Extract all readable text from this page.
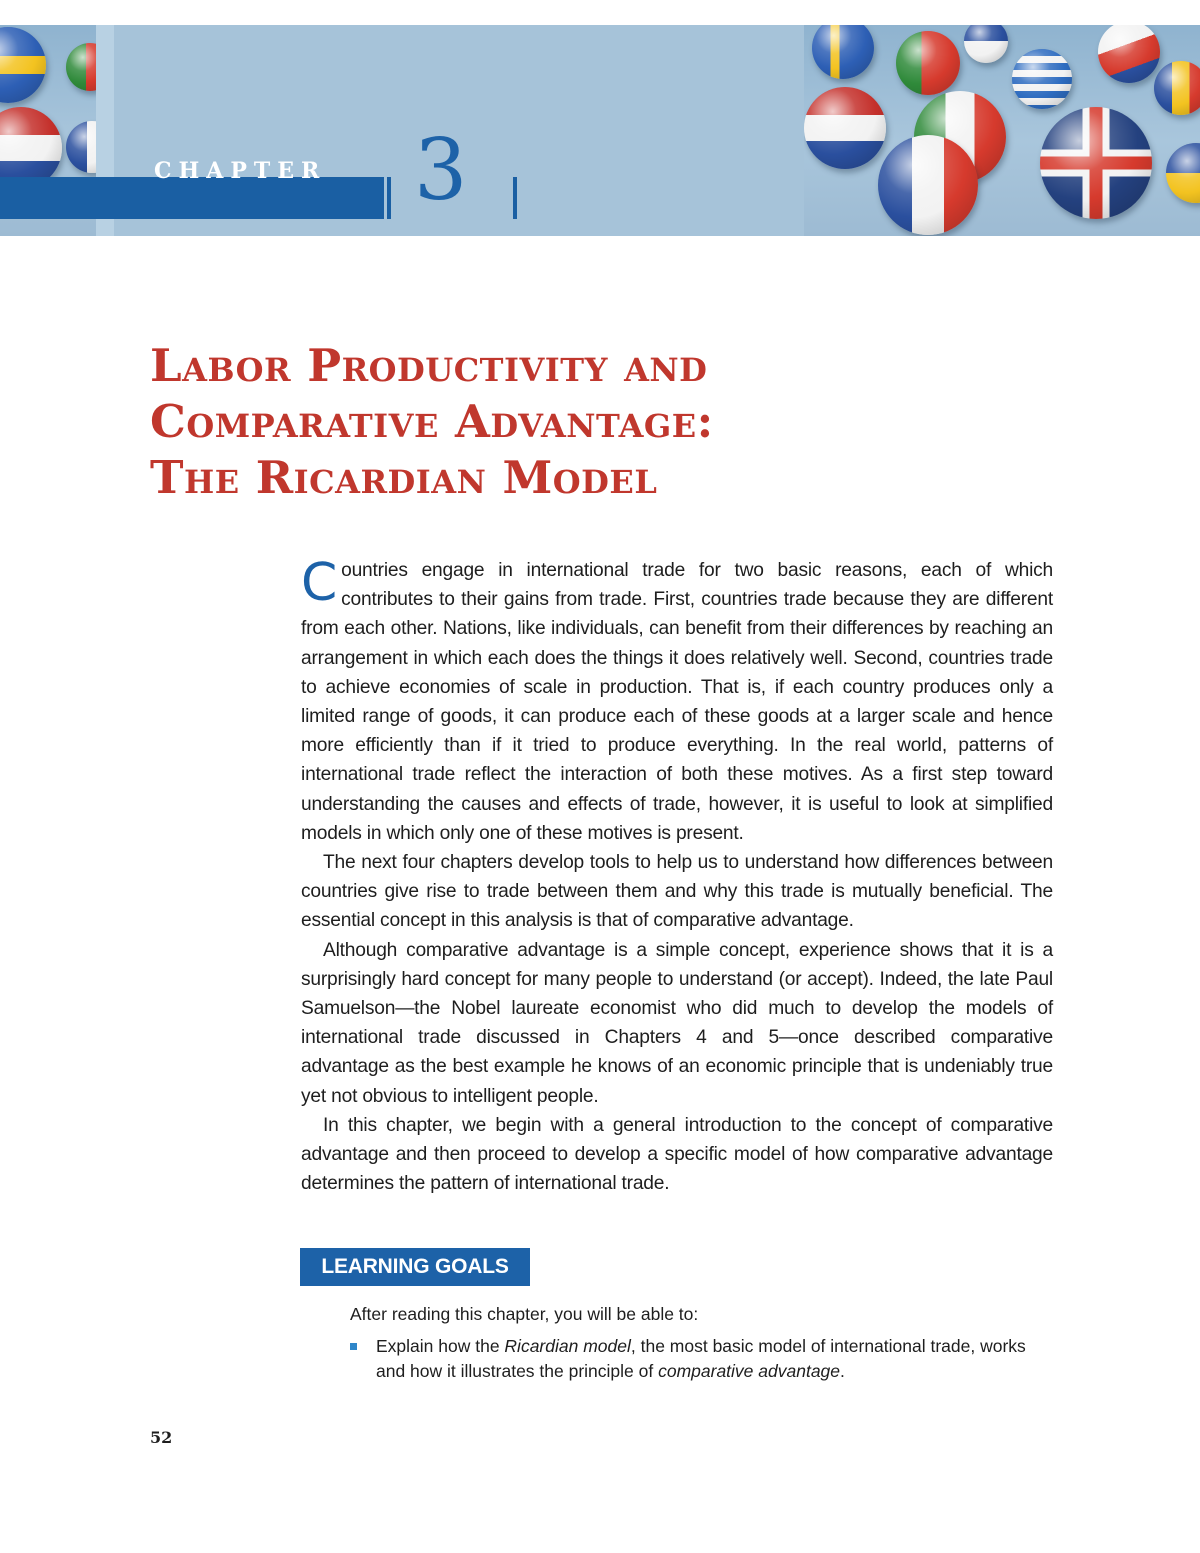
CHAPTER 3
Labor Productivity and
Comparative Advantage:
The Ricardian Model

Countries engage in international trade for two basic reasons, each of which contributes to their gains from trade. First, countries trade because they are different from each other. Nations, like individuals, can benefit from their differences by reaching an arrangement in which each does the things it does relatively well. Second, countries trade to achieve economies of scale in production. That is, if each country produces only a limited range of goods, it can produce each of these goods at a larger scale and hence more efficiently than if it tried to produce everything. In the real world, patterns of international trade reflect the interaction of both these motives. As a first step toward understanding the causes and effects of trade, however, it is useful to look at simplified models in which only one of these motives is present.

The next four chapters develop tools to help us to understand how differences between countries give rise to trade between them and why this trade is mutually beneficial. The essential concept in this analysis is that of comparative advantage.

Although comparative advantage is a simple concept, experience shows that it is a surprisingly hard concept for many people to understand (or accept). Indeed, the late Paul Samuelson—the Nobel laureate economist who did much to develop the models of international trade discussed in Chapters 4 and 5—once described comparative advantage as the best example he knows of an economic principle that is undeniably true yet not obvious to intelligent people.

In this chapter, we begin with a general introduction to the concept of comparative advantage and then proceed to develop a specific model of how comparative advantage determines the pattern of international trade.

LEARNING GOALS
After reading this chapter, you will be able to:
Explain how the Ricardian model, the most basic model of international trade, works and how it illustrates the principle of comparative advantage.
52
